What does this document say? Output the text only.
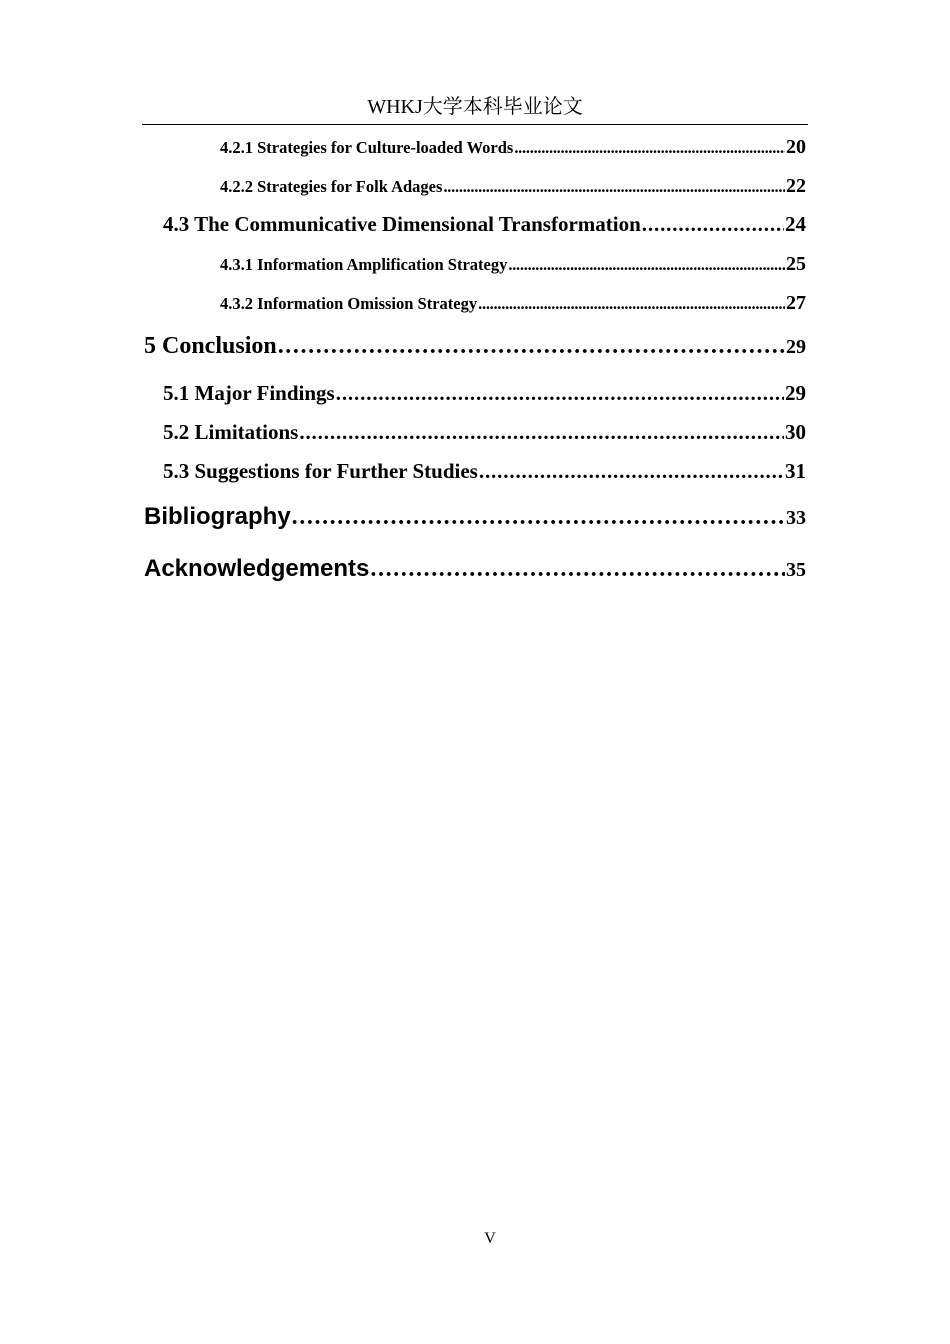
WHKJ大学本科毕业论文
4.2.1 Strategies for Culture-loaded Words . . .	20
4.2.2 Strategies for Folk Adages . . .	22
4.3 The Communicative Dimensional Transformation . . .	24
4.3.1 Information Amplification Strategy . . .	25
4.3.2 Information Omission Strategy . . .	27
5 Conclusion . . .	29
5.1 Major Findings . . .	29
5.2 Limitations . . .	30
5.3 Suggestions for Further Studies . . .	31
Bibliography . . .	33
Acknowledgements . . .	35
V
